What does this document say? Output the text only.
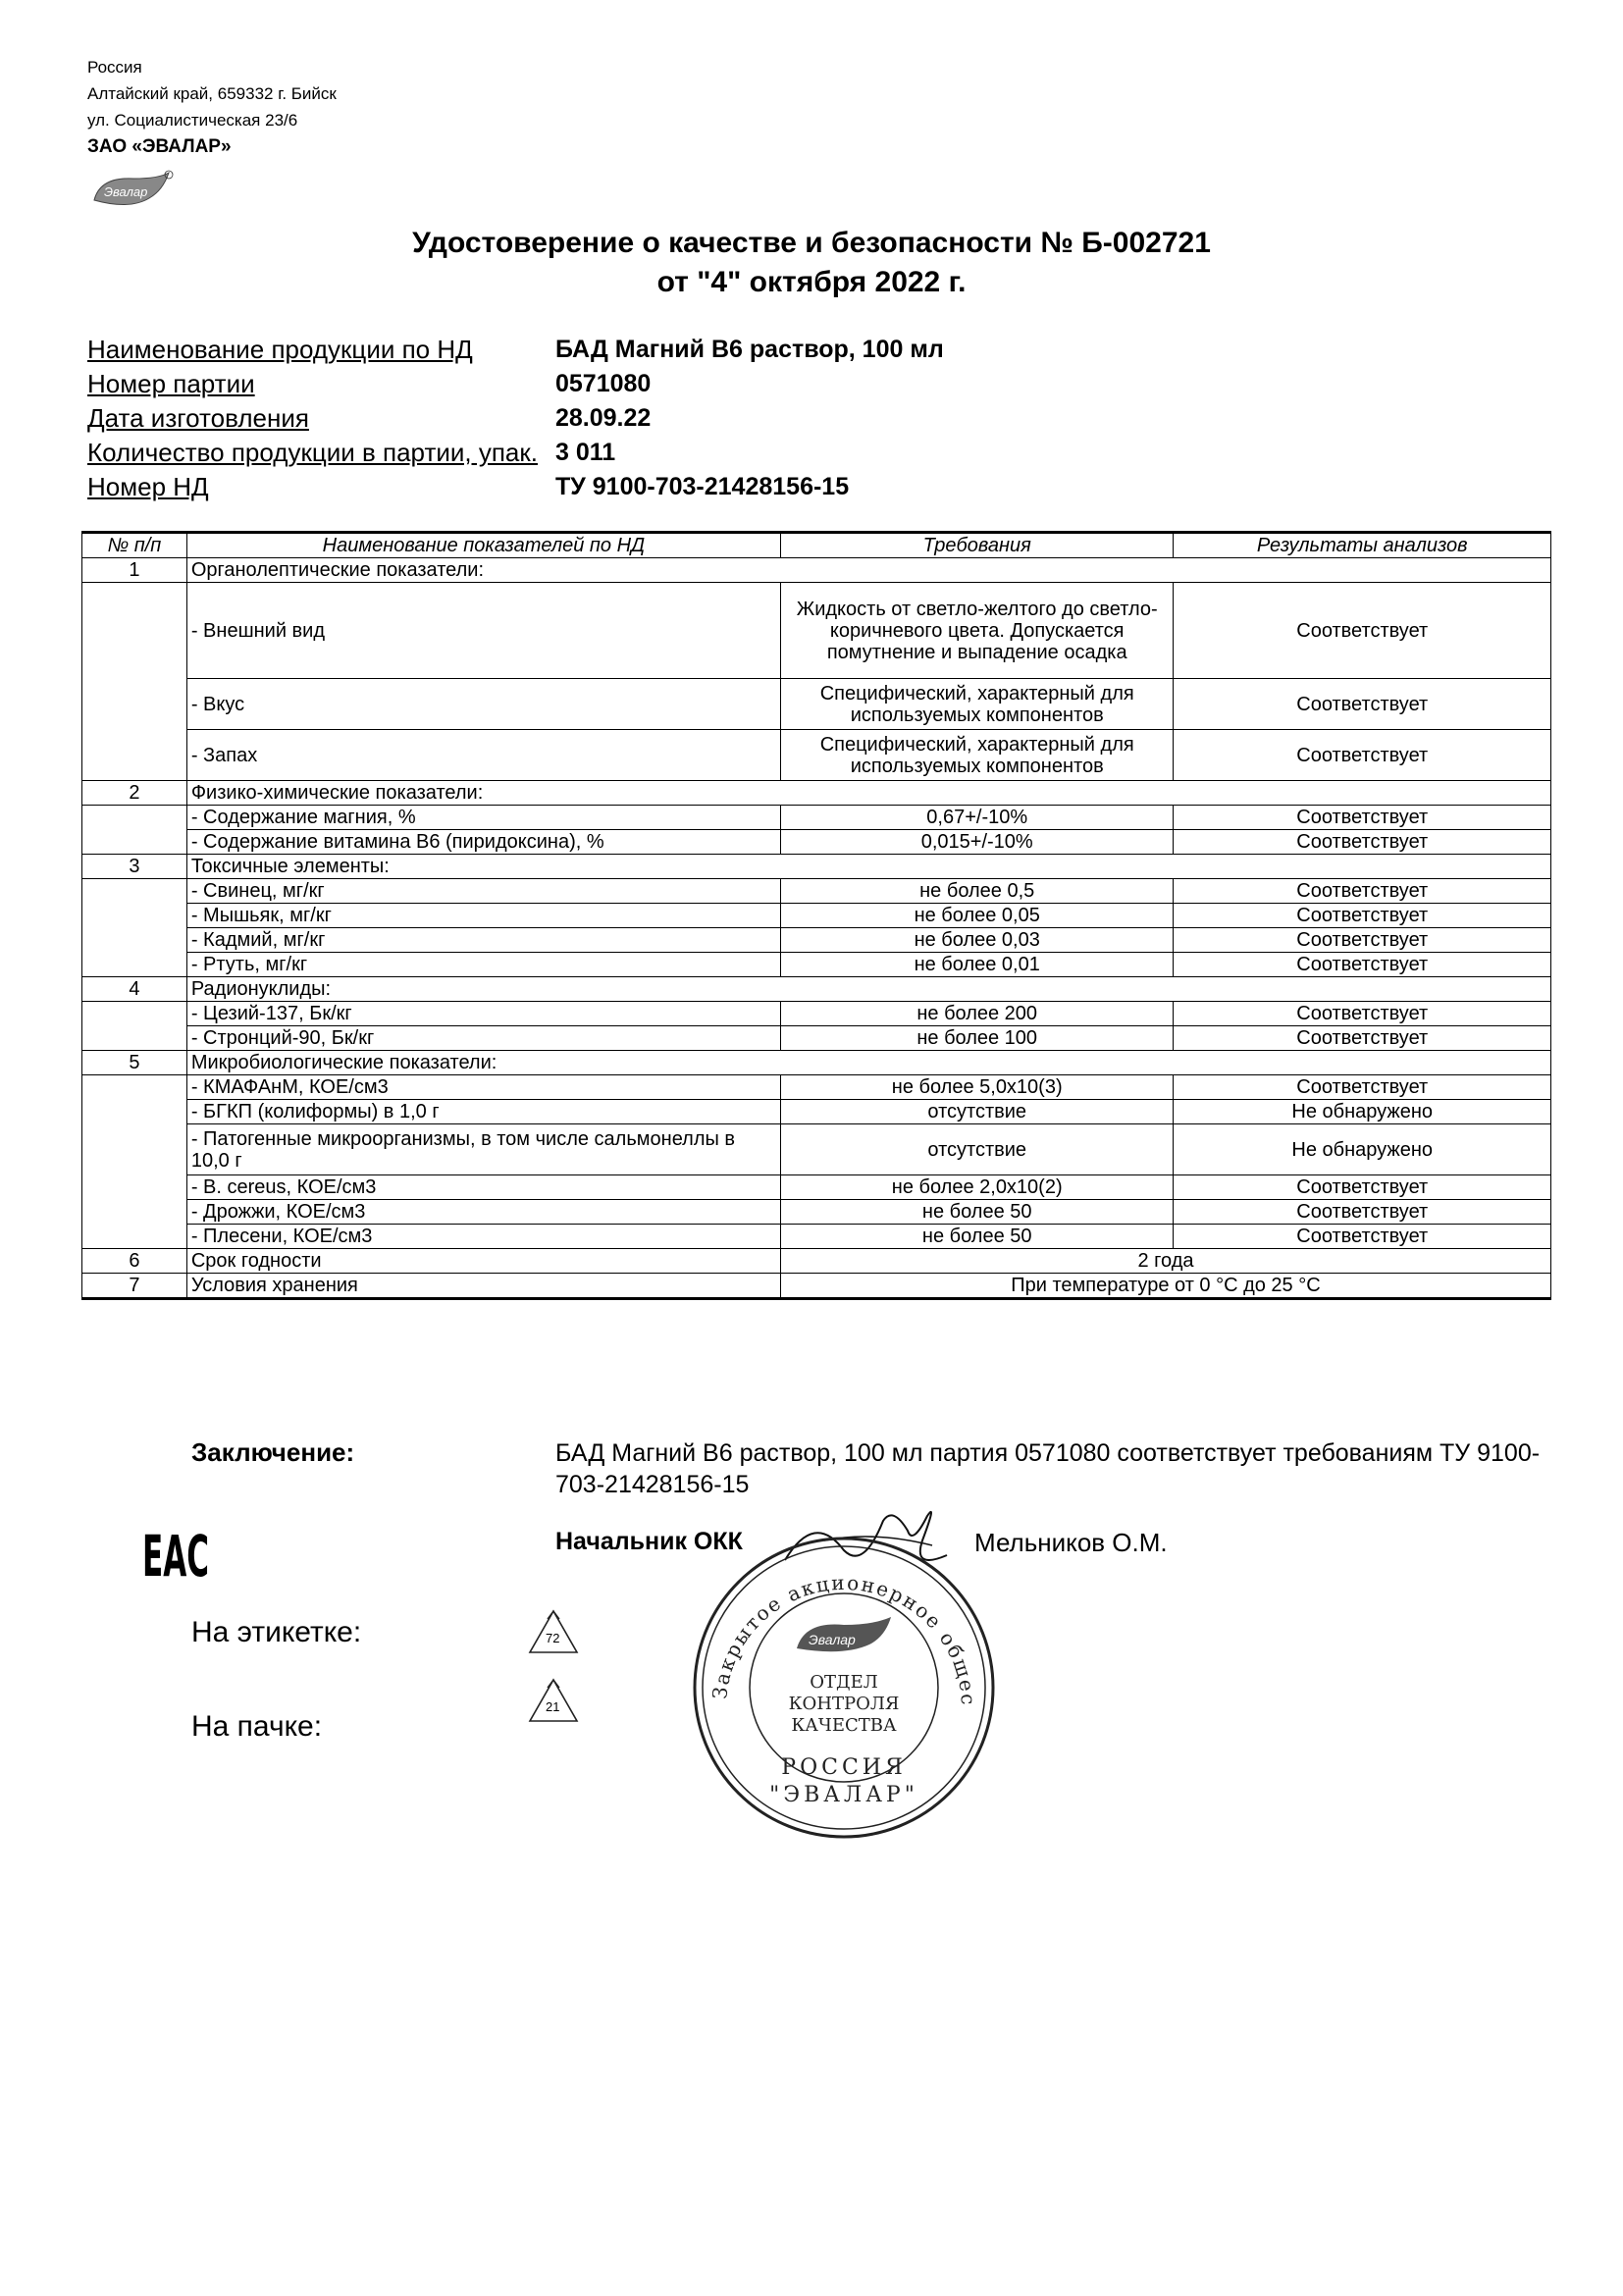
Россия
Алтайский край, 659332 г. Бийск
ул. Социалистическая 23/6
ЗАО «ЭВАЛАР»
Эвалар
Удостоверение о качестве и безопасности № Б-002721
от "4" октября 2022 г.
Наименование продукции по НД	БАД Магний В6 раствор, 100 мл
Номер партии	0571080
Дата изготовления	28.09.22
Количество продукции в партии, упак. 3 011
Номер НД	ТУ 9100-703-21428156-15
№ п/п	Наименование показателей по НД	Требования	Результаты анализов
1	Органолептические показатели:		
	- Внешний вид	Жидкость от светло-желтого до светло-коричневого цвета. Допускается помутнение и выпадение осадка	Соответствует
	- Вкус	Специфический, характерный для используемых компонентов	Соответствует
	- Запах	Специфический, характерный для используемых компонентов	Соответствует
2	Физико-химические показатели:		
	- Содержание магния, %	0,67+/-10%	Соответствует
	- Содержание витамина В6 (пиридоксина), %	0,015+/-10%	Соответствует
3	Токсичные элементы:		
	- Свинец, мг/кг	не более 0,5	Соответствует
	- Мышьяк, мг/кг	не более 0,05	Соответствует
	- Кадмий, мг/кг	не более 0,03	Соответствует
	- Ртуть, мг/кг	не более 0,01	Соответствует
4	Радионуклиды:		
	- Цезий-137, Бк/кг	не более 200	Соответствует
	- Стронций-90, Бк/кг	не более 100	Соответствует
5	Микробиологические показатели:		
	- КМАФАнМ, КОЕ/см3	не более 5,0х10(3)	Соответствует
	- БГКП (колиформы) в 1,0 г	отсутствие	Не обнаружено
	- Патогенные микроорганизмы, в том числе сальмонеллы в 10,0 г	отсутствие	Не обнаружено
	- B. cereus, КОЕ/см3	не более 2,0х10(2)	Соответствует
	- Дрожжи, КОЕ/см3	не более 50	Соответствует
	- Плесени, КОЕ/см3	не более 50	Соответствует
6	Срок годности	2 года	
7	Условия хранения	При температуре от 0 °С до 25 °С	
Заключение:	БАД Магний В6 раствор, 100 мл партия 0571080 соответствует требованиям ТУ 9100-703-21428156-15
Начальник ОКК	Мельников О.М.
ЕАС
На этикетке:
На пачке:
72
21
Закрытое акционерное общес
Эвалар
ОТДЕЛ
КОНТРОЛЯ
КАЧЕСТВА
РОССИЯ
"ЭВАЛАР"
